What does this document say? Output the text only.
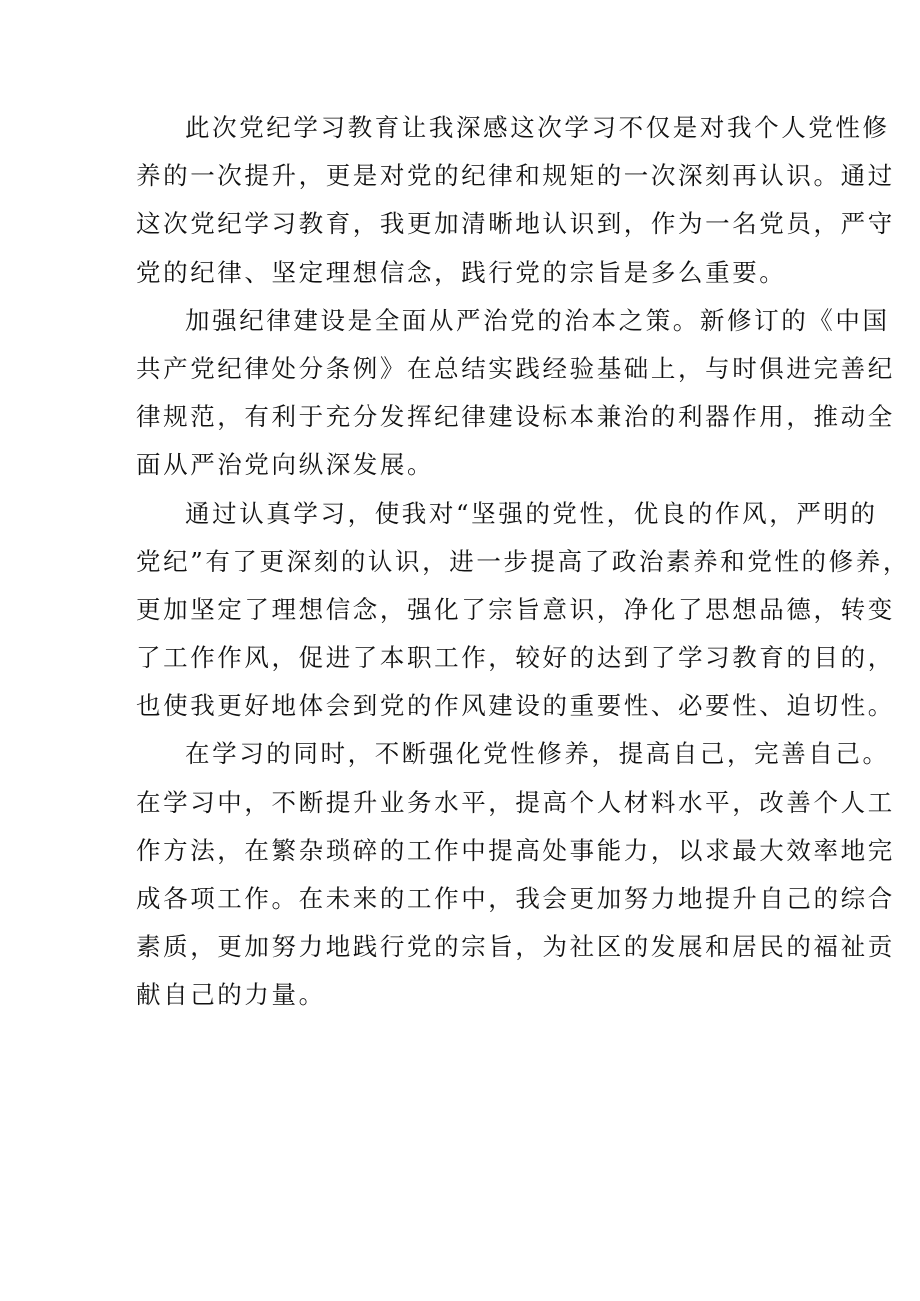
此次党纪学习教育让我深感这次学习不仅是对我个人党性修
养的一次提升，更是对党的纪律和规矩的一次深刻再认识。通过
这次党纪学习教育，我更加清晰地认识到，作为一名党员，严守
党的纪律、坚定理想信念，践行党的宗旨是多么重要。
加强纪律建设是全面从严治党的治本之策。新修订的《中国
共产党纪律处分条例》在总结实践经验基础上，与时俱进完善纪
律规范，有利于充分发挥纪律建设标本兼治的利器作用，推动全
面从严治党向纵深发展。
通过认真学习，使我对“坚强的党性，优良的作风，严明的
党纪”有了更深刻的认识，进一步提高了政治素养和党性的修养，
更加坚定了理想信念，强化了宗旨意识，净化了思想品德，转变
了工作作风，促进了本职工作，较好的达到了学习教育的目的，
也使我更好地体会到党的作风建设的重要性、必要性、迫切性。
在学习的同时，不断强化党性修养，提高自己，完善自己。
在学习中，不断提升业务水平，提高个人材料水平，改善个人工
作方法，在繁杂琐碎的工作中提高处事能力，以求最大效率地完
成各项工作。在未来的工作中，我会更加努力地提升自己的综合
素质，更加努力地践行党的宗旨，为社区的发展和居民的福祉贡
献自己的力量。
